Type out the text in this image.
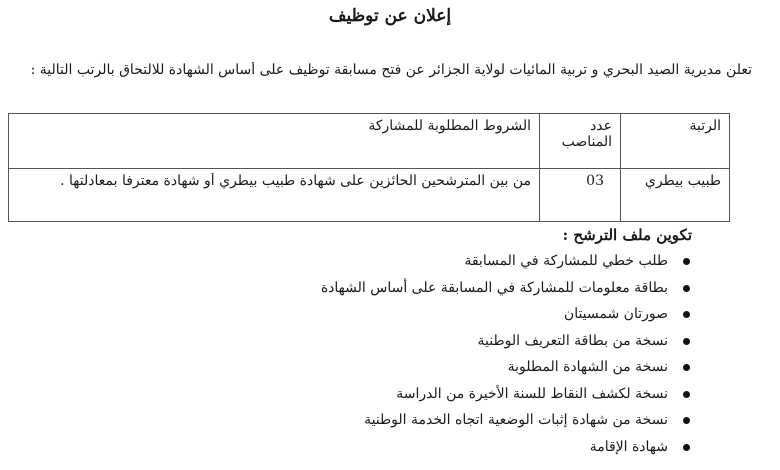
إعلان عن توظيف
تعلن مديرية الصيد البحري و تربية المائيات لولاية الجزائر عن فتح مسابقة توظيف على أساس الشهادة للالتحاق بالرتب التالية :
الرتبة	عدد المناصب	الشروط المطلوبة للمشاركة
طبيب بيطري	03	من بين المترشحين الحائزين على شهادة طبيب بيطري أو شهادة معترفا بمعادلتها .
تكوين ملف الترشح :
طلب خطي للمشاركة في المسابقة
بطاقة معلومات للمشاركة في المسابقة على أساس الشهادة
صورتان شمسيتان
نسخة من بطاقة التعريف الوطنية
نسخة من الشهادة المطلوبة
نسخة لكشف النقاط للسنة الأخيرة من الدراسة
نسخة من شهادة إثبات الوضعية اتجاه الخدمة الوطنية
شهادة الإقامة
